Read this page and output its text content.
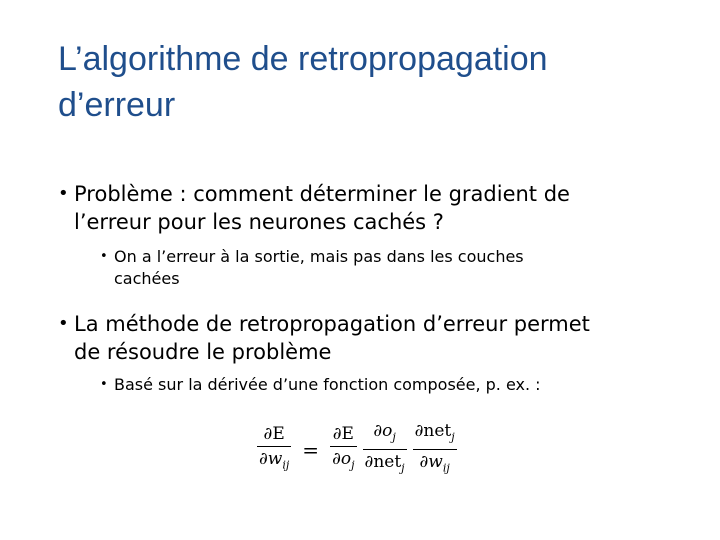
L’algorithme de retropropagation
d’erreur
• Problème : comment déterminer le gradient de
l’erreur pour les neurones cachés ?
• On a l’erreur à la sortie, mais pas dans les couches
cachées
• La méthode de retropropagation d’erreur permet
de résoudre le problème
• Basé sur la dérivée d’une fonction composée, p. ex. :
$\frac{\partial E}{\partial w_{ij}} = \frac{\partial E}{\partial o_j} \frac{\partial o_j}{\partial net_j} \frac{\partial net_j}{\partial w_{ij}}$
